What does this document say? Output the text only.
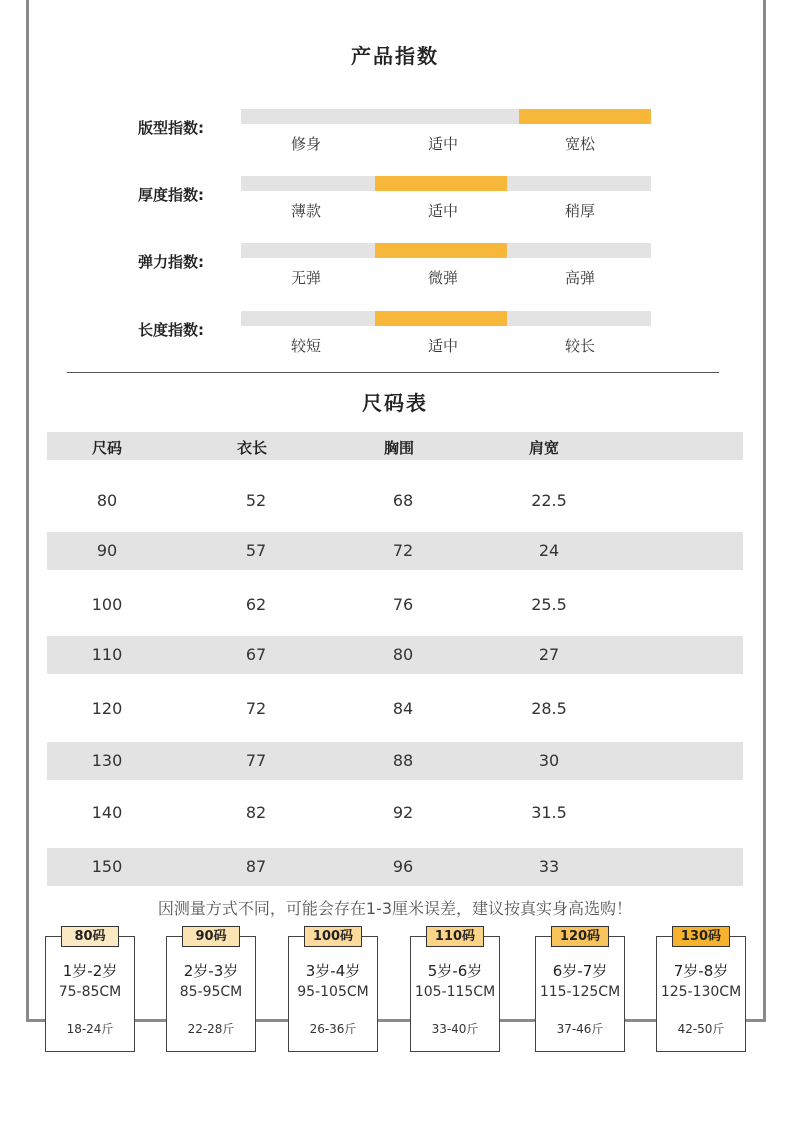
产品指数
版型指数:
修身	适中	宽松
厚度指数:
薄款	适中	稍厚
弹力指数:
无弹	微弹	高弹
长度指数:
较短	适中	较长
尺码表
尺码	衣长	胸围	肩宽
80	52	68	22.5
90	57	72	24
100	62	76	25.5
110	67	80	27
120	72	84	28.5
130	77	88	30
140	82	92	31.5
150	87	96	33
因测量方式不同，可能会存在1-3厘米误差，建议按真实身高选购！
80码
1岁-2岁
75-85CM
18-24斤
90码
2岁-3岁
85-95CM
22-28斤
100码
3岁-4岁
95-105CM
26-36斤
110码
5岁-6岁
105-115CM
33-40斤
120码
6岁-7岁
115-125CM
37-46斤
130码
7岁-8岁
125-130CM
42-50斤
